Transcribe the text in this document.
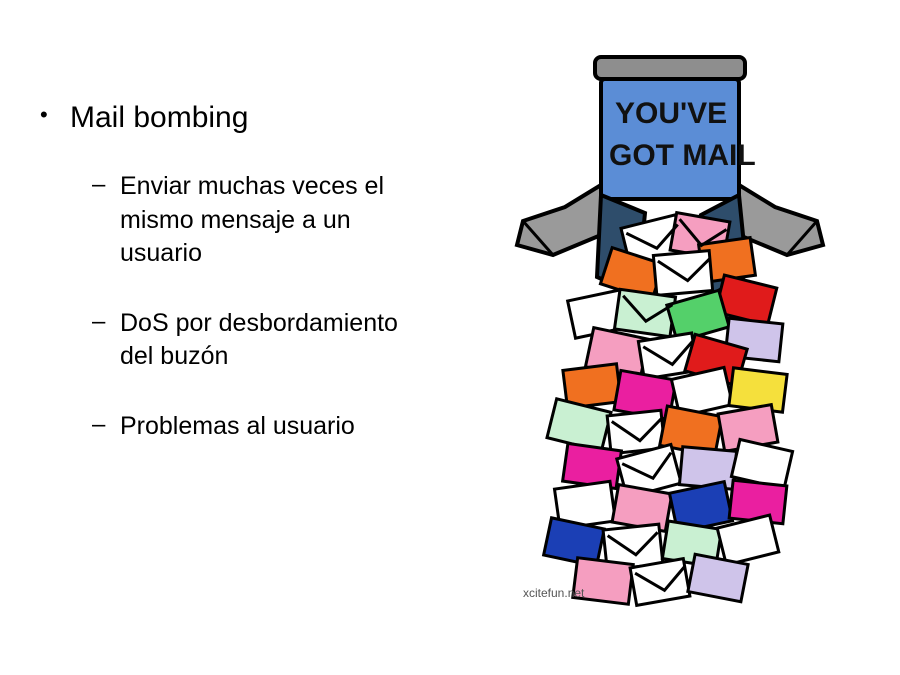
• Mail bombing
– Enviar muchas veces el mismo mensaje a un usuario
– DoS por desbordamiento del buzón
– Problemas al usuario
YOU'VE
GOT MAIL
xcitefun.net
